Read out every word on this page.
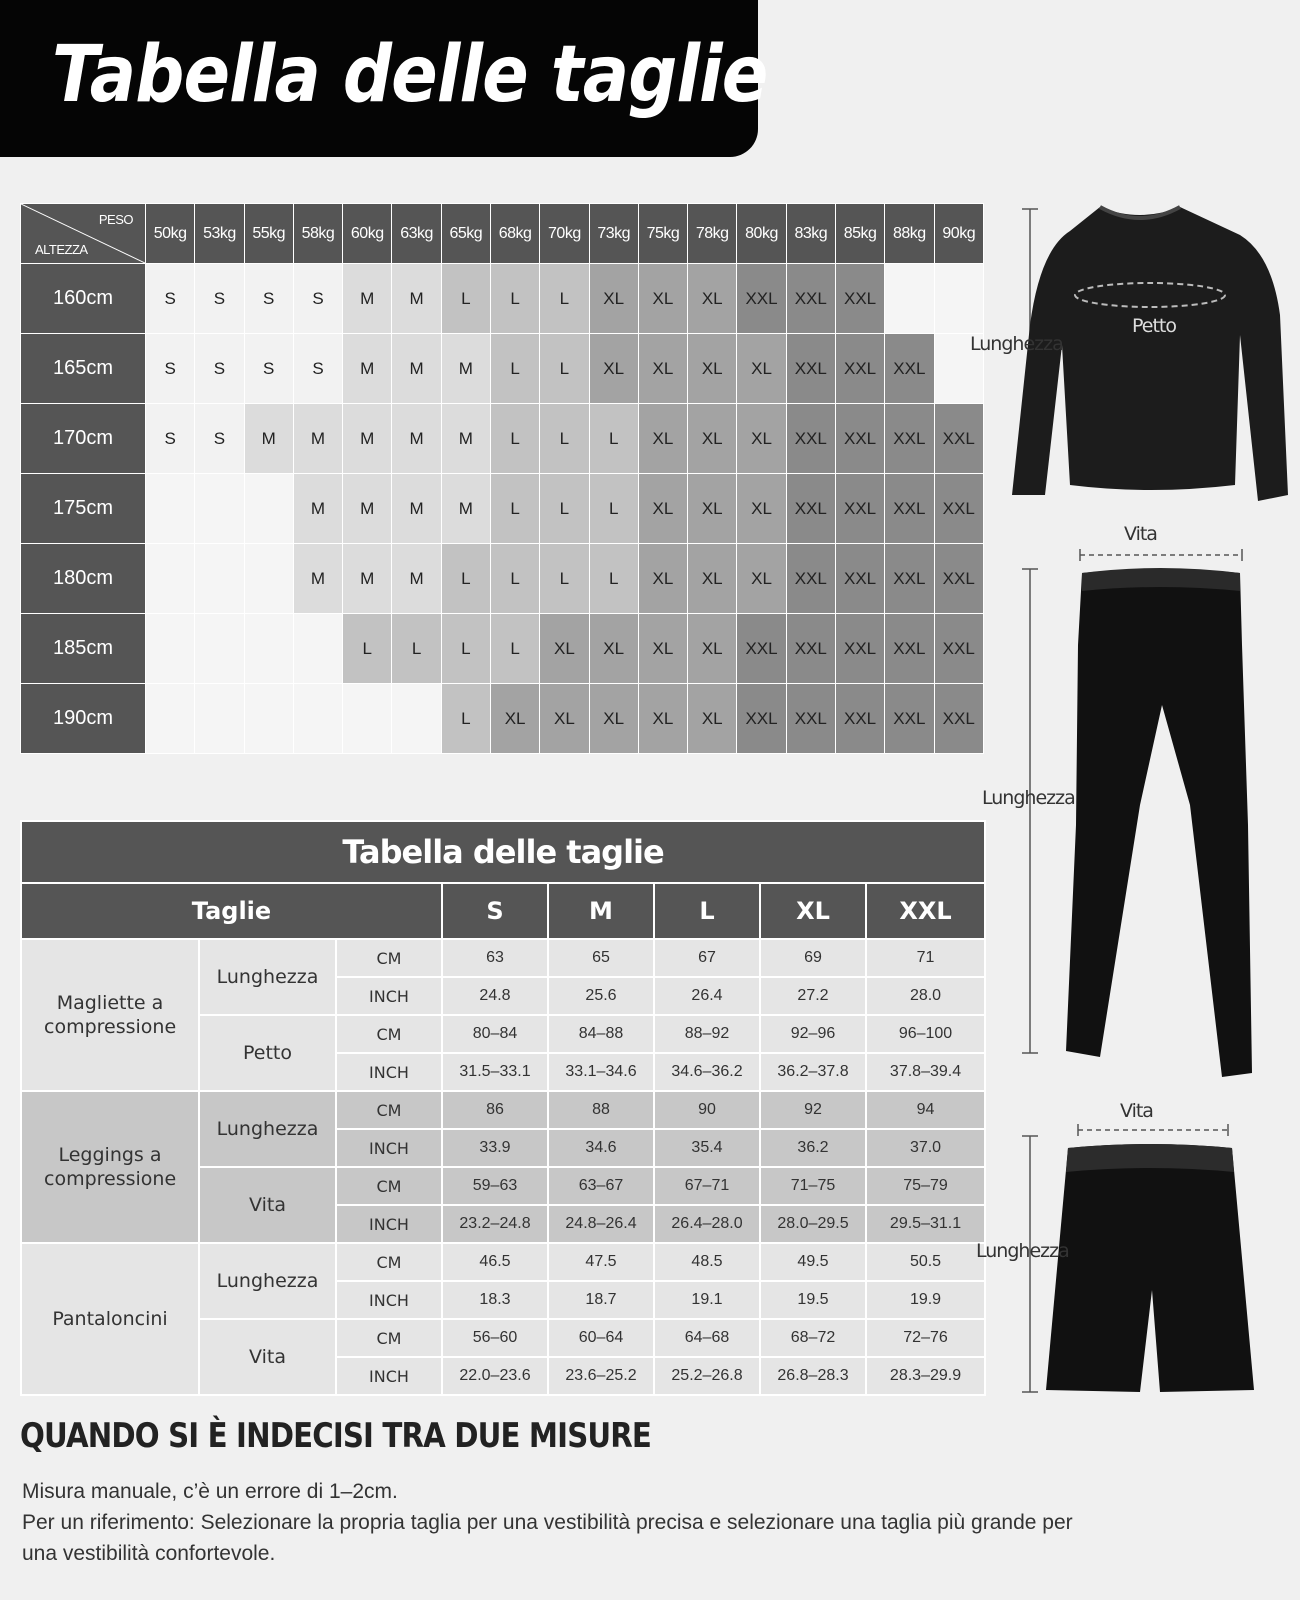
Tabella delle taglie
PESO
ALTEZZA	50kg	53kg	55kg	58kg	60kg	63kg	65kg	68kg	70kg	73kg	75kg	78kg	80kg	83kg	85kg	88kg	90kg
160cm	S	S	S	S	M	M	L	L	L	XL	XL	XL	XXL	XXL	XXL		
165cm	S	S	S	S	M	M	M	L	L	XL	XL	XL	XL	XXL	XXL	XXL	
170cm	S	S	M	M	M	M	M	L	L	L	XL	XL	XL	XXL	XXL	XXL	XXL
175cm				M	M	M	M	L	L	L	XL	XL	XL	XXL	XXL	XXL	XXL
180cm				M	M	M	L	L	L	L	XL	XL	XL	XXL	XXL	XXL	XXL
185cm					L	L	L	L	XL	XL	XL	XL	XXL	XXL	XXL	XXL	XXL
190cm							L	XL	XL	XL	XL	XL	XXL	XXL	XXL	XXL	XXL
Tabella delle taglie							
Taglie			S	M	L	XL	XXL
Magliette a compressione	Lunghezza	CM	63	65	67	69	71
		INCH	24.8	25.6	26.4	27.2	28.0
	Petto	CM	80–84	84–88	88–92	92–96	96–100
		INCH	31.5–33.1	33.1–34.6	34.6–36.2	36.2–37.8	37.8–39.4
Leggings a compressione	Lunghezza	CM	86	88	90	92	94
		INCH	33.9	34.6	35.4	36.2	37.0
	Vita	CM	59–63	63–67	67–71	71–75	75–79
		INCH	23.2–24.8	24.8–26.4	26.4–28.0	28.0–29.5	29.5–31.1
Pantaloncini	Lunghezza	CM	46.5	47.5	48.5	49.5	50.5
		INCH	18.3	18.7	19.1	19.5	19.9
	Vita	CM	56–60	60–64	64–68	68–72	72–76
		INCH	22.0–23.6	23.6–25.2	25.2–26.8	26.8–28.3	28.3–29.9
Lunghezza
Petto
Vita
Lunghezza
Vita
Lunghezza
QUANDO SI È INDECISI TRA DUE MISURE
Misura manuale, c’è un errore di 1–2cm.
Per un riferimento: Selezionare la propria taglia per una vestibilità precisa e selezionare una taglia più grande per
una vestibilità confortevole.
